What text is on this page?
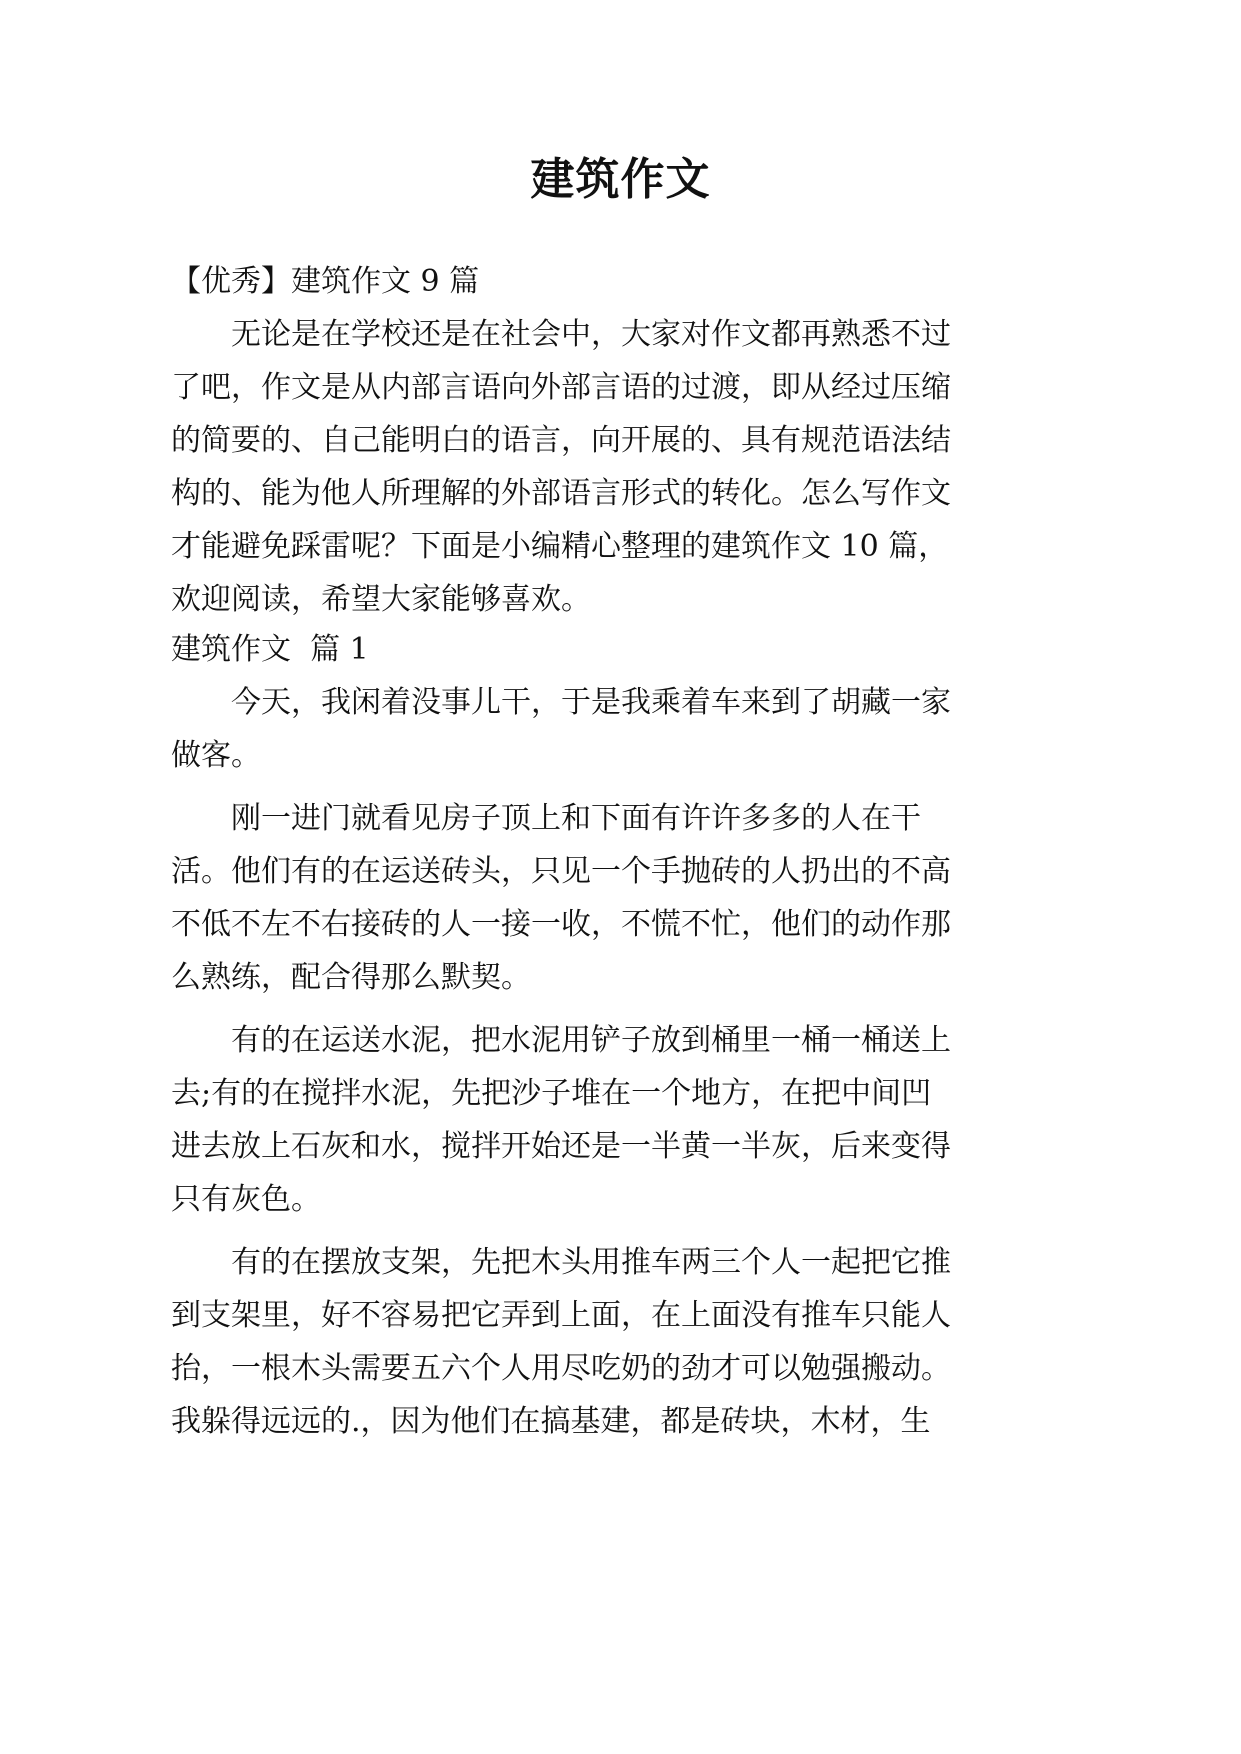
建筑作文

【优秀】建筑作文 9 篇

无论是在学校还是在社会中，大家对作文都再熟悉不过

了吧，作文是从内部言语向外部言语的过渡，即从经过压缩

的简要的、自己能明白的语言，向开展的、具有规范语法结

构的、能为他人所理解的外部语言形式的转化。怎么写作文

才能避免踩雷呢？下面是小编精心整理的建筑作文 10 篇，

欢迎阅读，希望大家能够喜欢。

建筑作文  篇 1

今天，我闲着没事儿干，于是我乘着车来到了胡藏一家

做客。

刚一进门就看见房子顶上和下面有许许多多的人在干

活。他们有的在运送砖头，只见一个手抛砖的人扔出的不高

不低不左不右接砖的人一接一收，不慌不忙，他们的动作那

么熟练，配合得那么默契。

有的在运送水泥，把水泥用铲子放到桶里一桶一桶送上

去;有的在搅拌水泥，先把沙子堆在一个地方，在把中间凹

进去放上石灰和水，搅拌开始还是一半黄一半灰，后来变得

只有灰色。

有的在摆放支架，先把木头用推车两三个人一起把它推

到支架里，好不容易把它弄到上面，在上面没有推车只能人

抬，一根木头需要五六个人用尽吃奶的劲才可以勉强搬动。

我躲得远远的.，因为他们在搞基建，都是砖块，木材，生
